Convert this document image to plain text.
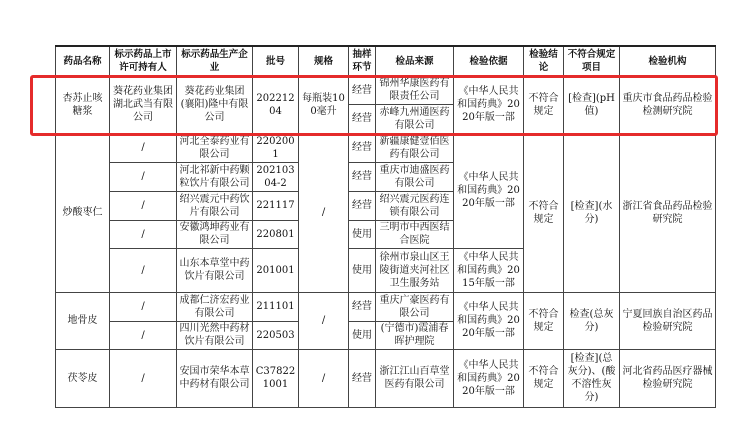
药品名称	标示药品上市许可持有人	标示药品生产企业	批号	规格	抽样环节	检品来源	检验依据	检验结论	不符合规定项目	检验机构
杏苏止咳糖浆	葵花药业集团湖北武当有限公司	葵花药业集团(襄阳)隆中有限公司	20221204	每瓶装100毫升	经营	锦州华康医药有限责任公司	《中华人民共和国药典》2020年版一部	不符合规定	[检查](pH值)	重庆市食品药品检验检测研究院
					经营	赤峰九州通医药有限公司				
炒酸枣仁	/	河北全泰药业有限公司	2202001	/	经营	新疆康健壹佰医药有限公司	《中华人民共和国药典》2020年版一部	不符合规定	[检查](水分)	浙江省食品药品检验研究院
	/	河北祁新中药颗粒饮片有限公司	20210304-2		经营	重庆市迪盛医药有限公司				
	/	绍兴震元中药饮片有限公司	221117		经营	绍兴震元医药连锁有限公司				
	/	安徽鸿坤药业有限公司	220801		使用	三明市中西医结合医院				
	/	山东本草堂中药饮片有限公司	201001		使用	徐州市泉山区王陵街道夹河社区卫生服务站	《中华人民共和国药典》2015年版一部			
地骨皮	/	成都仁济宏药业有限公司	211101	/	经营	重庆广豪医药有限公司	《中华人民共和国药典》2020年版一部	不符合规定	检查(总灰分)	宁夏回族自治区药品检验研究院
	/	四川光然中药材饮片有限公司	220503		使用	(宁德市)霞浦春晖护理院				
茯苓皮	/	安国市荣华本草中药材有限公司	C378221001	/	经营	浙江江山百草堂医药有限公司	《中华人民共和国药典》2020年版一部	不符合规定	[检查](总灰分)、(酸不溶性灰分)	河北省药品医疗器械检验研究院
